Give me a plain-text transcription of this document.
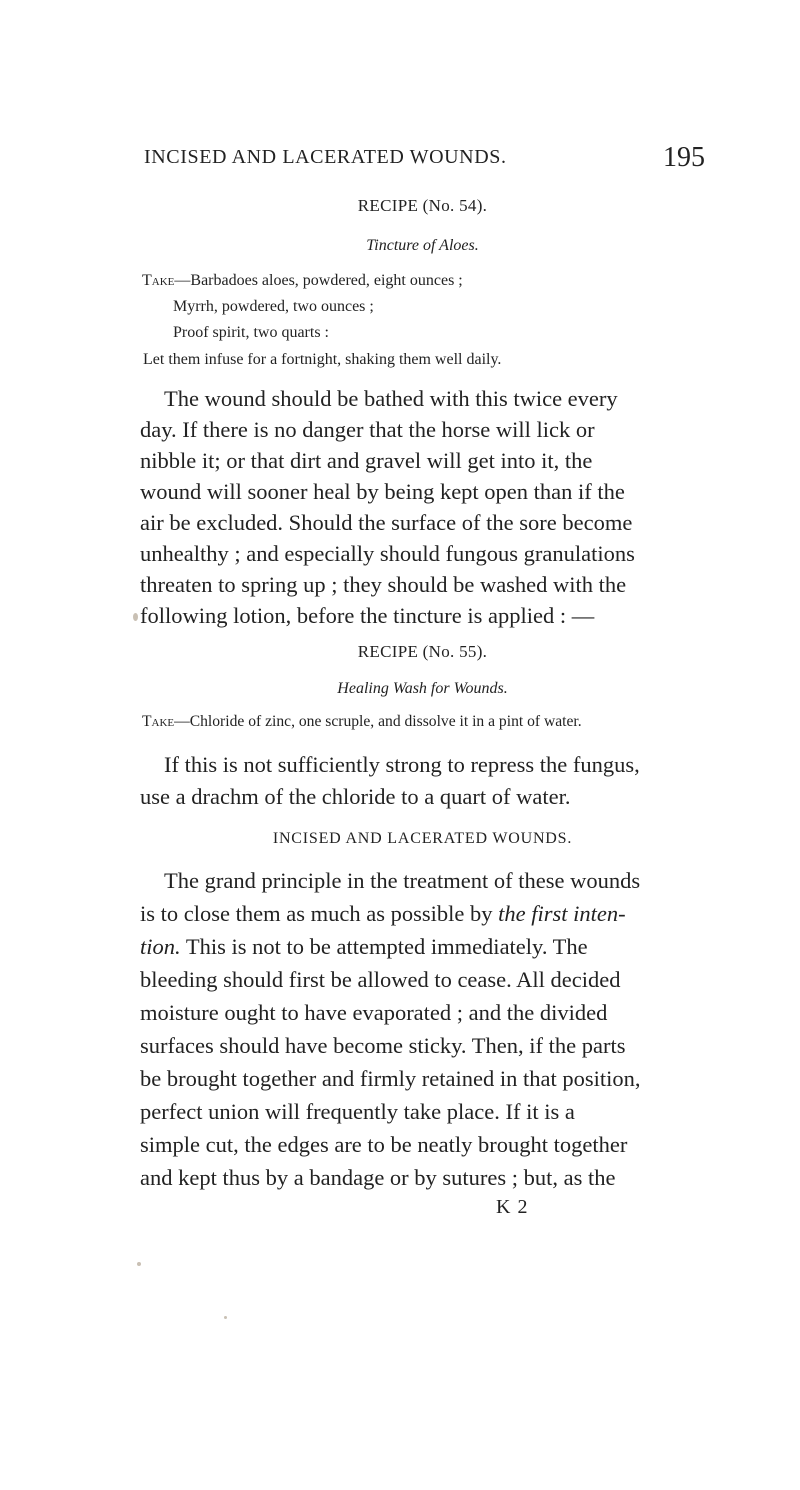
INCISED AND LACERATED WOUNDS.	195
RECIPE (No. 54).
Tincture of Aloes.
Take—Barbadoes aloes, powdered, eight ounces ;
Myrrh, powdered, two ounces ;
Proof spirit, two quarts :
Let them infuse for a fortnight, shaking them well daily.
The wound should be bathed with this twice every
day. If there is no danger that the horse will lick or
nibble it; or that dirt and gravel will get into it, the
wound will sooner heal by being kept open than if the
air be excluded. Should the surface of the sore become
unhealthy ; and especially should fungous granulations
threaten to spring up ; they should be washed with the
following lotion, before the tincture is applied : —
RECIPE (No. 55).
Healing Wash for Wounds.
Take—Chloride of zinc, one scruple, and dissolve it in a pint of water.
If this is not sufficiently strong to repress the fungus,
use a drachm of the chloride to a quart of water.
INCISED AND LACERATED WOUNDS.
The grand principle in the treatment of these wounds
is to close them as much as possible by the first inten-
tion. This is not to be attempted immediately. The
bleeding should first be allowed to cease. All decided
moisture ought to have evaporated ; and the divided
surfaces should have become sticky. Then, if the parts
be brought together and firmly retained in that position,
perfect union will frequently take place. If it is a
simple cut, the edges are to be neatly brought together
and kept thus by a bandage or by sutures ; but, as the
K 2
